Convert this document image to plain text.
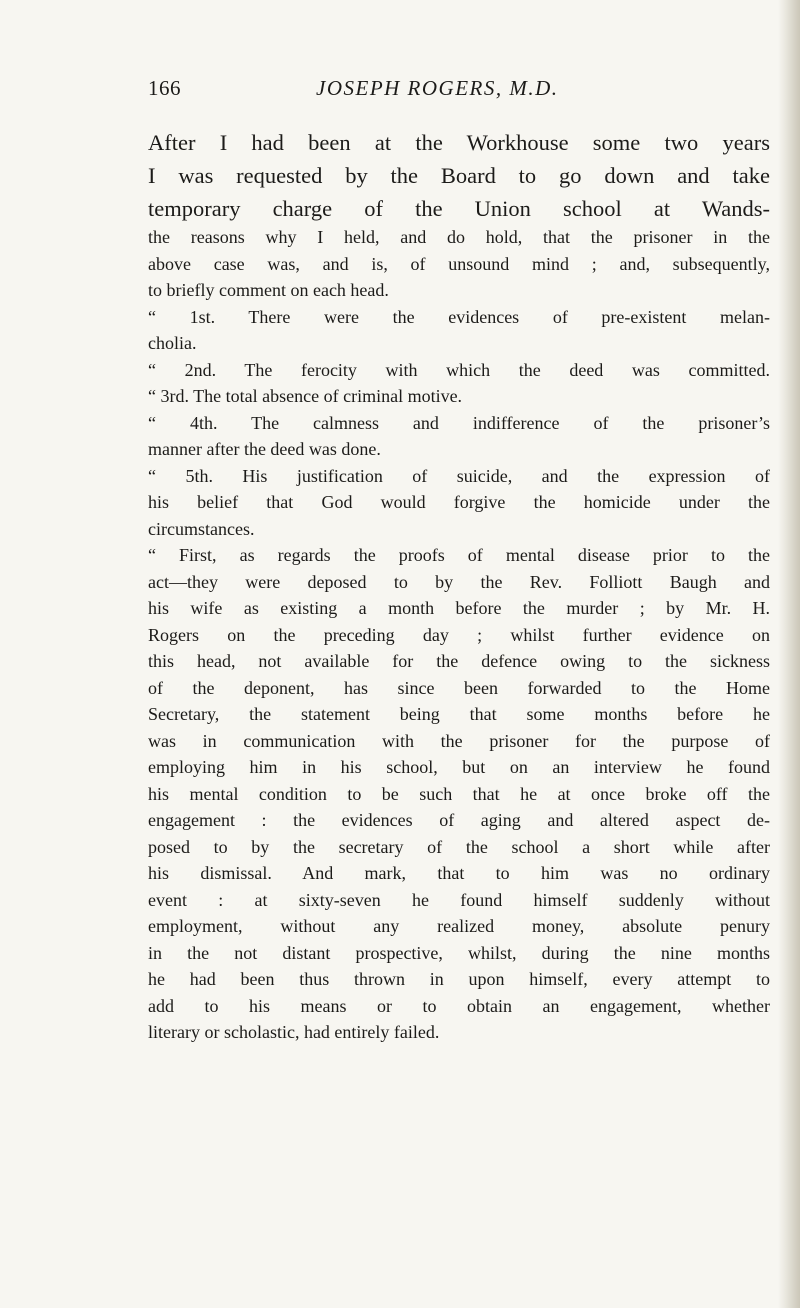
166	JOSEPH ROGERS, M.D.
After I had been at the Workhouse some two years
I was requested by the Board to go down and take
temporary charge of the Union school at Wands-
the reasons why I held, and do hold, that the prisoner in the
above case was, and is, of unsound mind ; and, subsequently,
to briefly comment on each head.
“ 1st. There were the evidences of pre-existent melan-
cholia.
“ 2nd. The ferocity with which the deed was committed.
“ 3rd. The total absence of criminal motive.
“ 4th. The calmness and indifference of the prisoner’s
manner after the deed was done.
“ 5th. His justification of suicide, and the expression of
his belief that God would forgive the homicide under the
circumstances.
“ First, as regards the proofs of mental disease prior to the
act—they were deposed to by the Rev. Folliott Baugh and
his wife as existing a month before the murder ; by Mr. H.
Rogers on the preceding day ; whilst further evidence on
this head, not available for the defence owing to the sickness
of the deponent, has since been forwarded to the Home
Secretary, the statement being that some months before he
was in communication with the prisoner for the purpose of
employing him in his school, but on an interview he found
his mental condition to be such that he at once broke off the
engagement : the evidences of aging and altered aspect de-
posed to by the secretary of the school a short while after
his dismissal. And mark, that to him was no ordinary
event : at sixty-seven he found himself suddenly without
employment, without any realized money, absolute penury
in the not distant prospective, whilst, during the nine months
he had been thus thrown in upon himself, every attempt to
add to his means or to obtain an engagement, whether
literary or scholastic, had entirely failed.
